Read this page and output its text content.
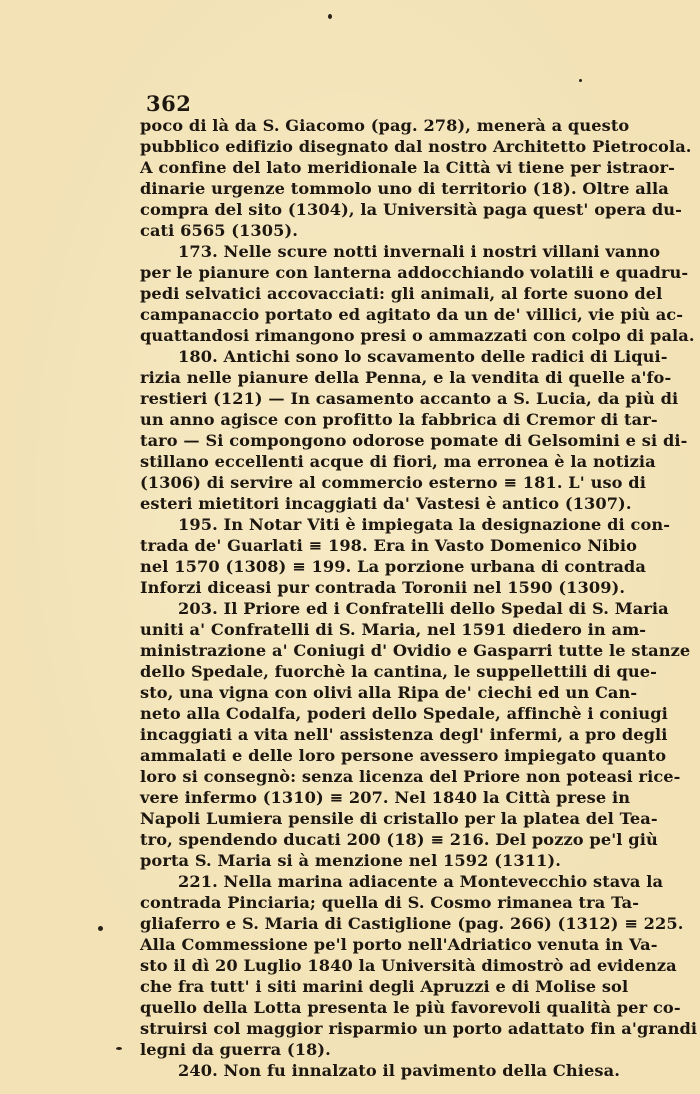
362
poco di là da S. Giacomo (pag. 278), menerà a questo
pubblico edifizio disegnato dal nostro Architetto Pietrocola.
A confine del lato meridionale la Città vi tiene per istraor-
dinarie urgenze tommolo uno di territorio (18). Oltre alla
compra del sito (1304), la Università paga quest' opera du-
cati 6565 (1305).
173. Nelle scure notti invernali i nostri villani vanno
per le pianure con lanterna addocchiando volatili e quadru-
pedi selvatici accovacciati: gli animali, al forte suono del
campanaccio portato ed agitato da un de' villici, vie più ac-
quattandosi rimangono presi o ammazzati con colpo di pala.
180. Antichi sono lo scavamento delle radici di Liqui-
rizia nelle pianure della Penna, e la vendita di quelle a'fo-
restieri (121) — In casamento accanto a S. Lucia, da più di
un anno agisce con profitto la fabbrica di Cremor di tar-
taro — Si compongono odorose pomate di Gelsomini e si di-
stillano eccellenti acque di fiori, ma erronea è la notizia
(1306) di servire al commercio esterno ≡ 181. L' uso di
esteri mietitori incaggiati da' Vastesi è antico (1307).
195. In Notar Viti è impiegata la designazione di con-
trada de' Guarlati ≡ 198. Era in Vasto Domenico Nibio
nel 1570 (1308) ≡ 199. La porzione urbana di contrada
Inforzi diceasi pur contrada Toronii nel 1590 (1309).
203. Il Priore ed i Confratelli dello Spedal di S. Maria
uniti a' Confratelli di S. Maria, nel 1591 diedero in am-
ministrazione a' Coniugi d' Ovidio e Gasparri tutte le stanze
dello Spedale, fuorchè la cantina, le suppellettili di que-
sto, una vigna con olivi alla Ripa de' ciechi ed un Can-
neto alla Codalfa, poderi dello Spedale, affinchè i coniugi
incaggiati a vita nell' assistenza degl' infermi, a pro degli
ammalati e delle loro persone avessero impiegato quanto
loro si consegnò: senza licenza del Priore non poteasi rice-
vere infermo (1310) ≡ 207. Nel 1840 la Città prese in
Napoli Lumiera pensile di cristallo per la platea del Tea-
tro, spendendo ducati 200 (18) ≡ 216. Del pozzo pe'l giù
porta S. Maria si à menzione nel 1592 (1311).
221. Nella marina adiacente a Montevecchio stava la
contrada Pinciaria; quella di S. Cosmo rimanea tra Ta-
gliaferro e S. Maria di Castiglione (pag. 266) (1312) ≡ 225.
Alla Commessione pe'l porto nell'Adriatico venuta in Va-
sto il dì 20 Luglio 1840 la Università dimostrò ad evidenza
che fra tutt' i siti marini degli Apruzzi e di Molise sol
quello della Lotta presenta le più favorevoli qualità per co-
struirsi col maggior risparmio un porto adattato fin a'grandi
legni da guerra (18).
240. Non fu innalzato il pavimento della Chiesa.
